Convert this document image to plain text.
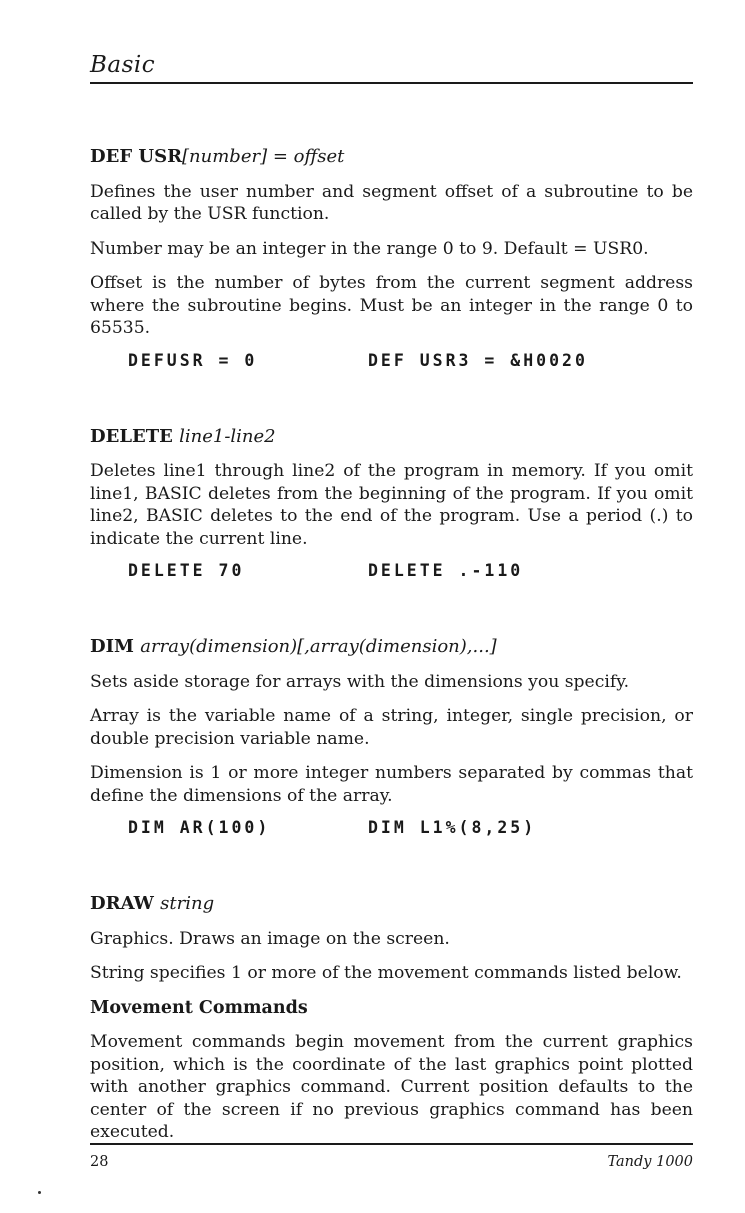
Basic
DEF USR[number] = offset

Defines the user number and segment offset of a subroutine to be called by the USR function.

Number may be an integer in the range 0 to 9. Default = USR0.

Offset is the number of bytes from the current segment address where the subroutine begins. Must be an integer in the range 0 to 65535.

DEFUSR = 0	DEF USR3 = &H0020
DELETE line1-line2

Deletes line1 through line2 of the program in memory. If you omit line1, BASIC deletes from the beginning of the program. If you omit line2, BASIC deletes to the end of the program. Use a period (.) to indicate the current line.

DELETE 70	DELETE .-110
DIM array(dimension)[,array(dimension),...]

Sets aside storage for arrays with the dimensions you specify.

Array is the variable name of a string, integer, single precision, or double precision variable name.

Dimension is 1 or more integer numbers separated by commas that define the dimensions of the array.

DIM AR(100)	DIM L1%(8,25)
DRAW string

Graphics. Draws an image on the screen.

String specifies 1 or more of the movement commands listed below.

Movement Commands

Movement commands begin movement from the current graphics position, which is the coordinate of the last graphics point plotted with another graphics command. Current position defaults to the center of the screen if no previous graphics command has been executed.

28	Tandy 1000
